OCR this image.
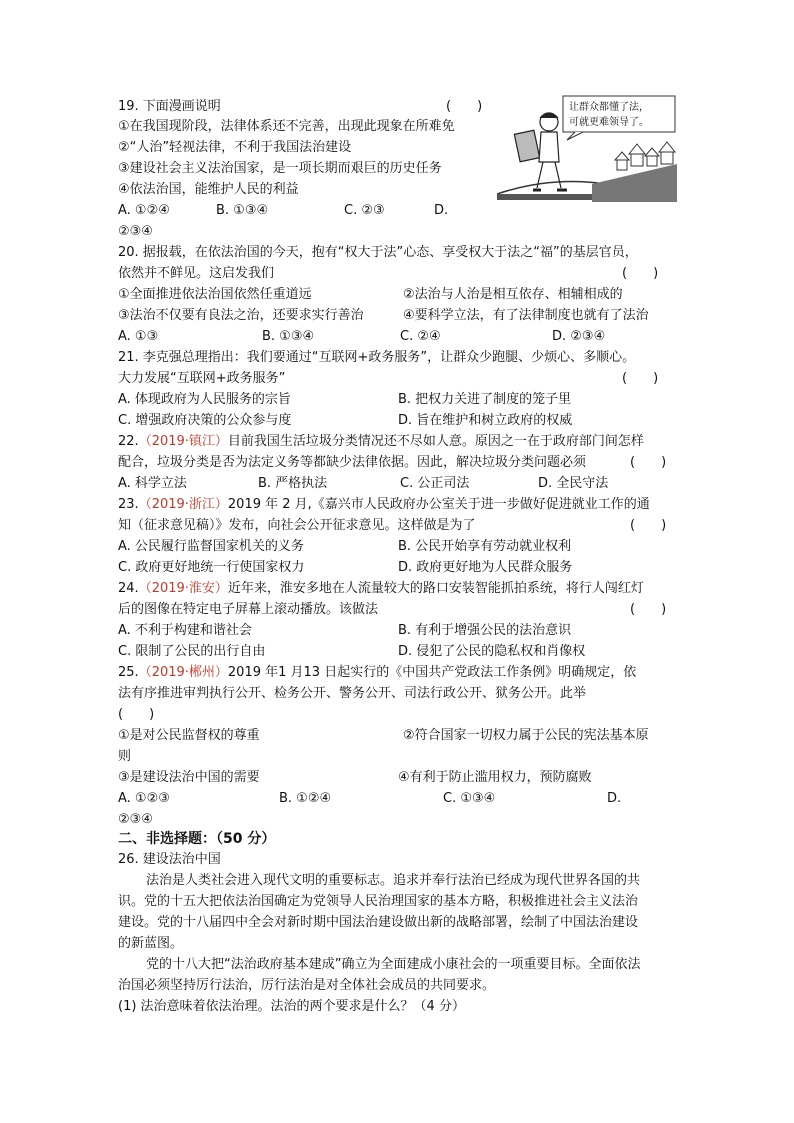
19. 下面漫画说明	(　　)
①在我国现阶段，法律体系还不完善，出现此现象在所难免
②“人治”轻视法律，不利于我国法治建设
③建设社会主义法治国家，是一项长期而艰巨的历史任务
④依法治国，能维护人民的利益
A. ①②④	B. ①③④	C. ②③	D.
②③④
让群众都懂了法，
可就更难领导了。
20. 据报载，在依法治国的今天，抱有“权大于法”心态、享受权大于法之“福”的基层官员，
依然并不鲜见。这启发我们	(　　)
①全面推进依法治国依然任重道远	②法治与人治是相互依存、相辅相成的
③法治不仅要有良法之治，还要求实行善治	④要科学立法，有了法律制度也就有了法治
A. ①③	B. ①③④	C. ②④	D. ②③④
21. 李克强总理指出：我们要通过“互联网+政务服务”，让群众少跑腿、少烦心、多顺心。
大力发展“互联网+政务服务”	(　　)
A. 体现政府为人民服务的宗旨	B. 把权力关进了制度的笼子里
C. 增强政府决策的公众参与度	D. 旨在维护和树立政府的权威
22.（2019·镇江）目前我国生活垃圾分类情况还不尽如人意。原因之一在于政府部门间怎样
配合，垃圾分类是否为法定义务等都缺少法律依据。因此，解决垃圾分类问题必须	(　　)
A. 科学立法	B. 严格执法	C. 公正司法	D. 全民守法
23.（2019·浙江）2019 年 2 月,《嘉兴市人民政府办公室关于进一步做好促进就业工作的通
知（征求意见稿）》发布，向社会公开征求意见。这样做是为了	(　　)
A. 公民履行监督国家机关的义务	B. 公民开始享有劳动就业权利
C. 政府更好地统一行使国家权力	D. 政府更好地为人民群众服务
24.（2019·淮安）近年来，淮安多地在人流量较大的路口安装智能抓拍系统，将行人闯红灯
后的图像在特定电子屏幕上滚动播放。该做法	(　　)
A. 不利于构建和谐社会	B. 有利于增强公民的法治意识
C. 限制了公民的出行自由	D. 侵犯了公民的隐私权和肖像权
25.（2019·郴州）2019 年1 月13 日起实行的《中国共产党政法工作条例》明确规定，依
法有序推进审判执行公开、检务公开、警务公开、司法行政公开、狱务公开。此举
(　　)
①是对公民监督权的尊重	②符合国家一切权力属于公民的宪法基本原
则
③是建设法治中国的需要	④有利于防止滥用权力，预防腐败
A. ①②③	B. ①②④	C. ①③④	D.
②③④
二、非选择题：（50 分）
26. 建设法治中国
法治是人类社会进入现代文明的重要标志。追求并奉行法治已经成为现代世界各国的共
识。党的十五大把依法治国确定为党领导人民治理国家的基本方略，积极推进社会主义法治
建设。党的十八届四中全会对新时期中国法治建设做出新的战略部署，绘制了中国法治建设
的新蓝图。
党的十八大把“法治政府基本建成”确立为全面建成小康社会的一项重要目标。全面依法
治国必须坚持厉行法治，厉行法治是对全体社会成员的共同要求。
(1) 法治意味着依法治理。法治的两个要求是什么？（4 分）
